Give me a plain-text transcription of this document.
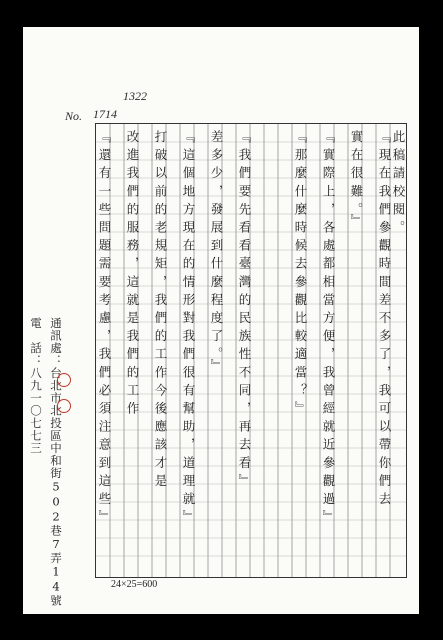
No.
1322
1714
此稿請校閱。
『現在我們參觀時間差不多了，我可以帶你們去
實在很難。』
『實際上，各處都相當方便，我曾經就近參觀過』
『那麼什麼時候去參觀比較適當？』
『我們要先看看臺灣的民族性不同，再去看』
差多少，發展到什麼程度了。』
『這個地方現在的情形對我們很有幫助，道理就』
打破以前的老規矩，我們的工作今後應該才是
改進我們的服務，這就是我們的工作
『還有一些問題需要考慮，我們必須注意到這些』
通訊處：台北市北投區中和街502巷7弄14號
電　話：八九一〇七七三
24×25=600
